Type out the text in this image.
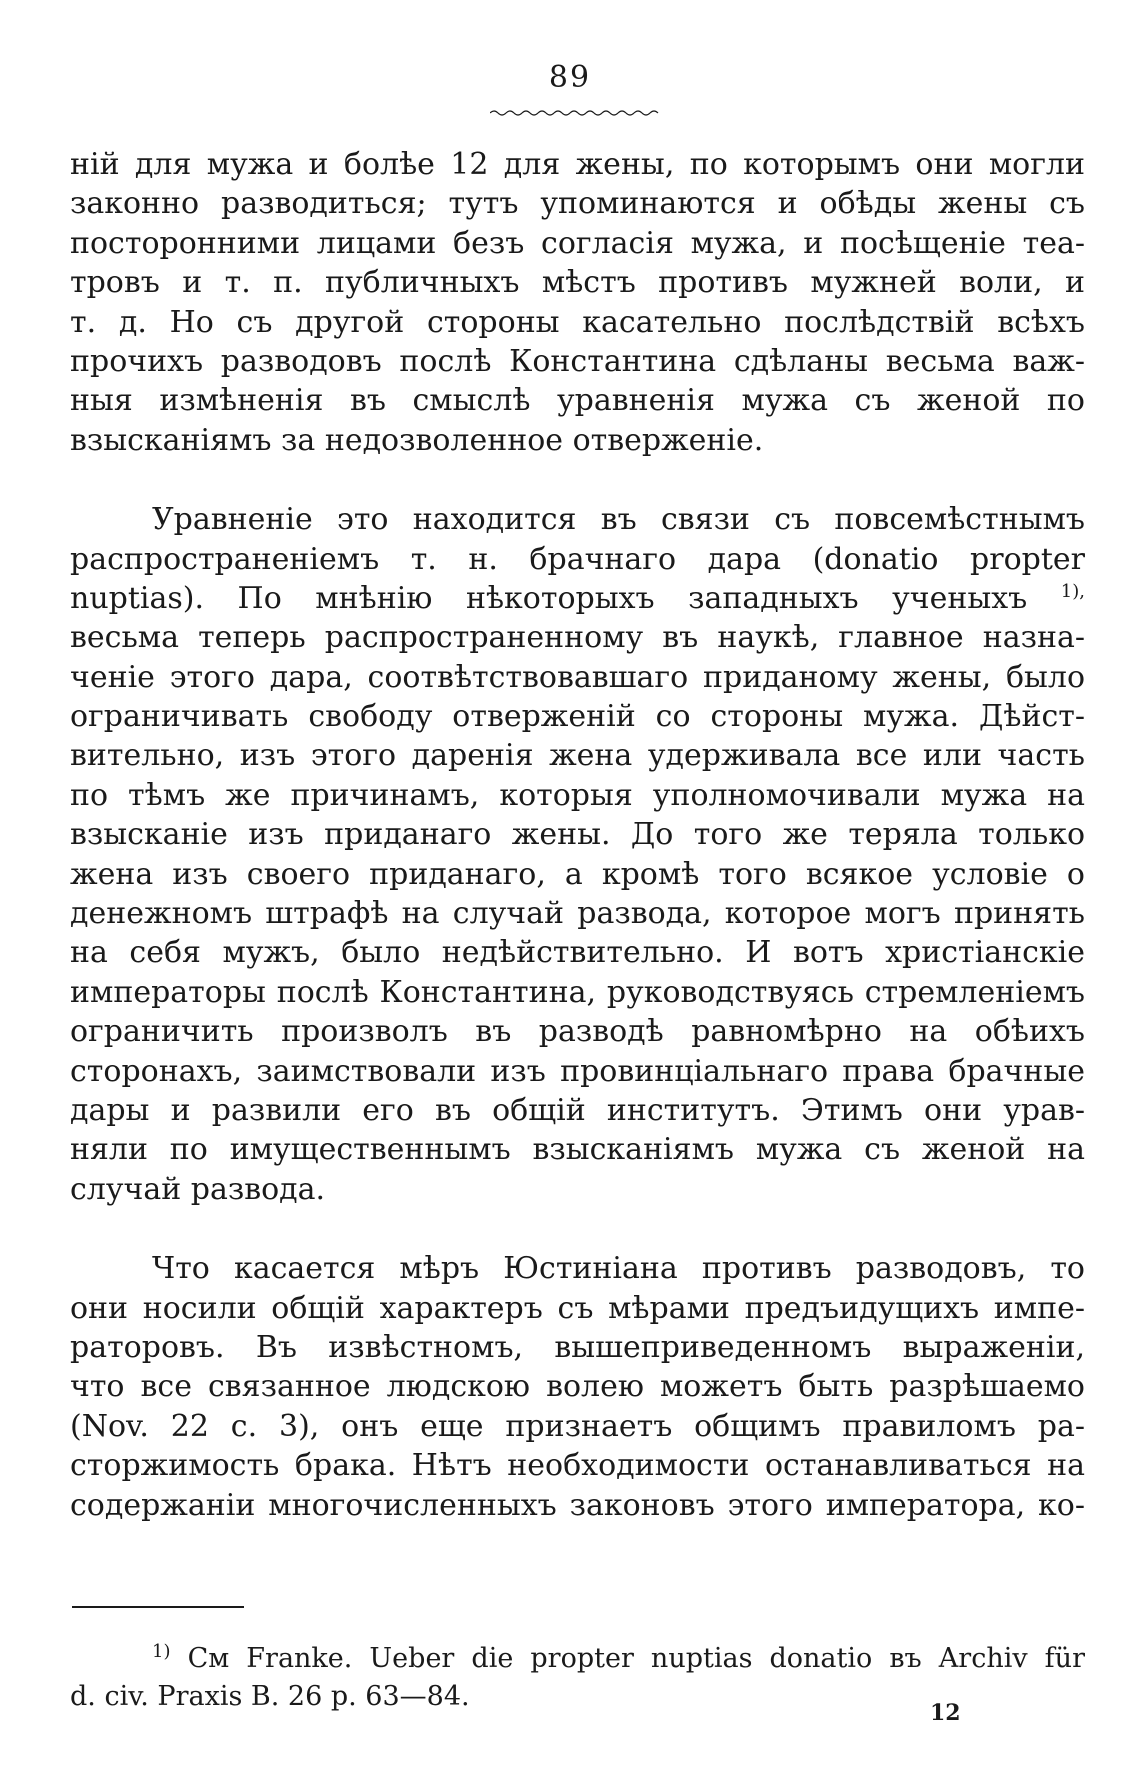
89

ній для мужа и болѣе 12 для жены, по которымъ они могли

законно разводиться; тутъ упоминаются и обѣды жены съ

посторонними лицами безъ согласія мужа, и посѣщеніе теа-

тровъ и т. п. публичныхъ мѣстъ противъ мужней воли, и

т. д. Но съ другой стороны касательно послѣдствій всѣхъ

прочихъ разводовъ послѣ Константина сдѣланы весьма важ-

ныя измѣненія въ смыслѣ уравненія мужа съ женой по

взысканіямъ за недозволенное отверженіе.

Уравненіе это находится въ связи съ повсемѣстнымъ

распространеніемъ т. н. брачнаго дара (donatio propter

nuptias). По мнѣнію нѣкоторыхъ западныхъ ученыхъ $^{1),}$

весьма теперь распространенному въ наукѣ, главное назна-

ченіе этого дара, соотвѣтствовавшаго приданому жены, было

ограничивать свободу отверженій со стороны мужа. Дѣйст-

вительно, изъ этого даренія жена удерживала все или часть

по тѣмъ же причинамъ, которыя уполномочивали мужа на

взысканіе изъ приданаго жены. До того же теряла только

жена изъ своего приданаго, а кромѣ того всякое условіе о

денежномъ штрафѣ на случай развода, которое могъ принять

на себя мужъ, было недѣйствительно. И вотъ христіанскіе

императоры послѣ Константина, руководствуясь стремленіемъ

ограничить произволъ въ разводѣ равномѣрно на обѣихъ

сторонахъ, заимствовали изъ провинціальнаго права брачные

дары и развили его въ общій институтъ. Этимъ они урав-

няли по имущественнымъ взысканіямъ мужа съ женой на

случай развода.

Что касается мѣръ Юстиніана противъ разводовъ, то

они носили общій характеръ съ мѣрами предъидущихъ импе-

раторовъ. Въ извѣстномъ, вышеприведенномъ выраженіи,

что все связанное людскою волею можетъ быть разрѣшаемо

(Nov. 22 c. 3), онъ еще признаетъ общимъ правиломъ ра-

сторжимость брака. Нѣтъ необходимости останавливаться на

содержаніи многочисленныхъ законовъ этого императора, ко-

$^{1)}$ См Franke. Ueber die propter nuptias donatio въ Archiv für

d. civ. Praxis B. 26 p. 63—84.

12
